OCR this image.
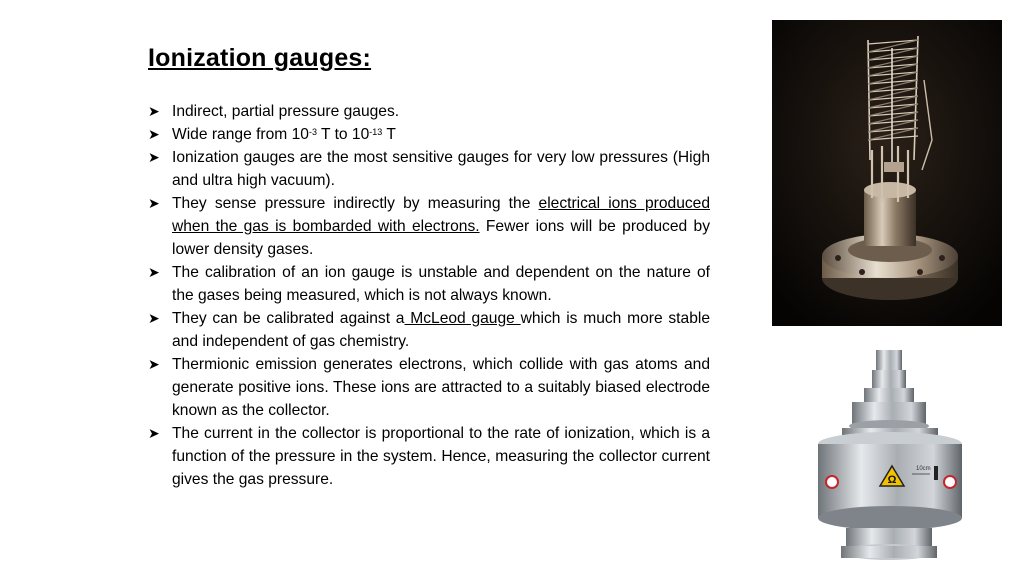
Ionization gauges:
➤ Indirect, partial pressure gauges.
➤ Wide range from $10^{-3}$ T to $10^{-13}$ T
➤ Ionization gauges are the most sensitive gauges for very low pressures (High and ultra high vacuum).
➤ They sense pressure indirectly by measuring the electrical ions produced when the gas is bombarded with electrons. Fewer ions will be produced by lower density gases.
➤ The calibration of an ion gauge is unstable and dependent on the nature of the gases being measured, which is not always known.
➤ They can be calibrated against a McLeod gauge which is much more stable and independent of gas chemistry.
➤ Thermionic emission generates electrons, which collide with gas atoms and generate positive ions. These ions are attracted to a suitably biased electrode known as the collector.
➤ The current in the collector is proportional to the rate of ionization, which is a function of the pressure in the system. Hence, measuring the collector current gives the gas pressure.	Ω
10cm
